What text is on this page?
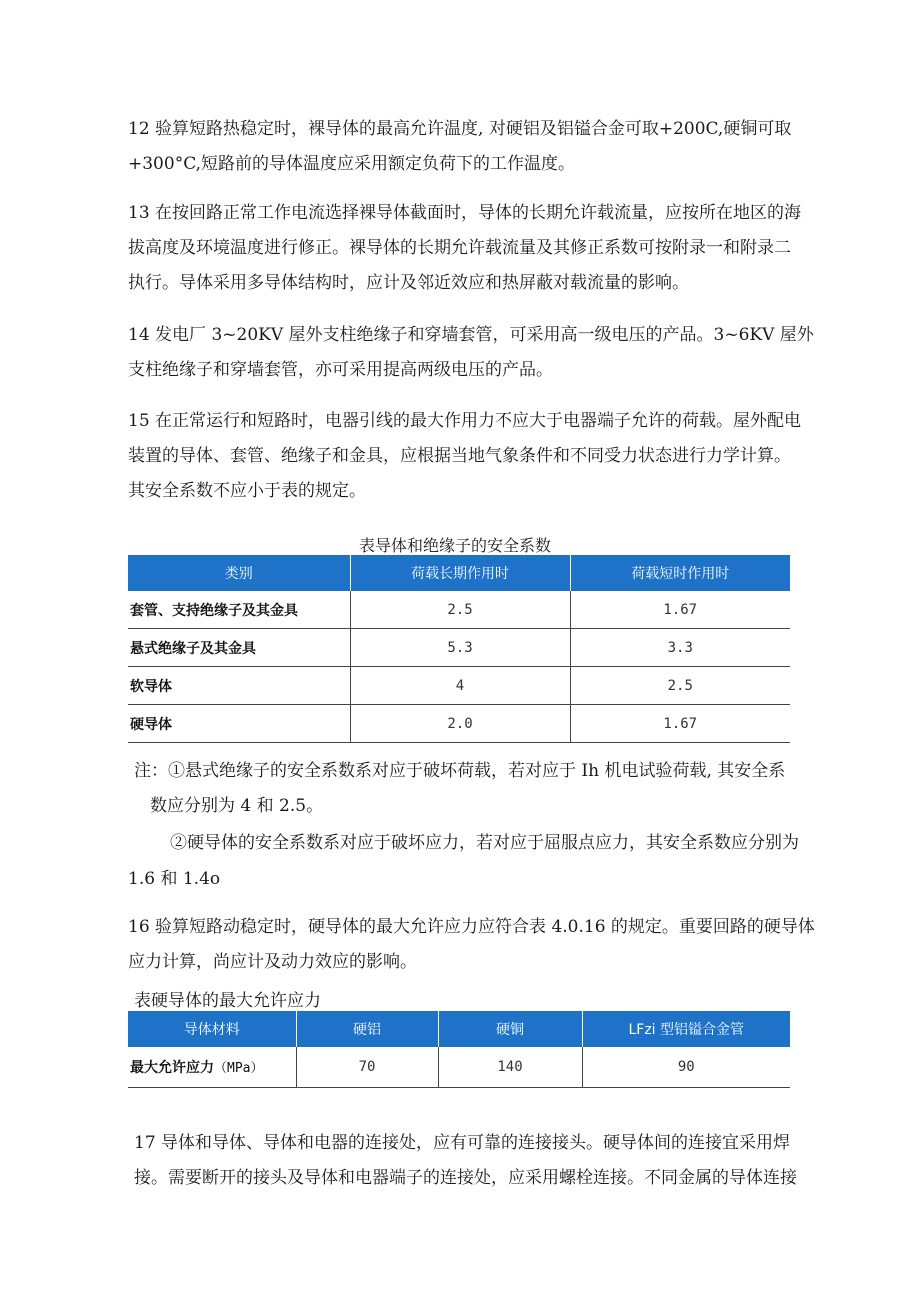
12 验算短路热稳定时，裸导体的最高允许温度, 对硬铝及铝镒合金可取+200C,硬铜可取
+300°C,短路前的导体温度应采用额定负荷下的工作温度。

13 在按回路正常工作电流选择裸导体截面时，导体的长期允许载流量，应按所在地区的海
拔高度及环境温度进行修正。裸导体的长期允许载流量及其修正系数可按附录一和附录二
执行。导体采用多导体结构时，应计及邻近效应和热屏蔽对载流量的影响。

14 发电厂 3~20KV 屋外支柱绝缘子和穿墙套管，可采用高一级电压的产品。3~6KV 屋外
支柱绝缘子和穿墙套管，亦可采用提高两级电压的产品。

15 在正常运行和短路时，电器引线的最大作用力不应大于电器端子允许的荷载。屋外配电
装置的导体、套管、绝缘子和金具，应根据当地气象条件和不同受力状态进行力学计算。
其安全系数不应小于表的规定。

表导体和绝缘子的安全系数
类别	荷载长期作用时	荷载短时作用时
套管、支持绝缘子及其金具	2.5	1.67
悬式绝缘子及其金具	5.3	3.3
软导体	4	2.5
硬导体	2.0	1.67

注：①悬式绝缘子的安全系数系对应于破坏荷载，若对应于 Ih 机电试验荷载, 其安全系

数应分别为 4 和 2.5。

②硬导体的安全系数系对应于破坏应力，若对应于屈服点应力，其安全系数应分别为

1.6 和 1.4o

16 验算短路动稳定时，硬导体的最大允许应力应符合表 4.0.16 的规定。重要回路的硬导体
应力计算，尚应计及动力效应的影响。

表硬导体的最大允许应力
导体材料	硬铝	硬铜	LFzi 型铝镒合金管
最大允许应力（MPa）	70	140	90

17 导体和导体、导体和电器的连接处，应有可靠的连接接头。硬导体间的连接宜采用焊
接。需要断开的接头及导体和电器端子的连接处，应采用螺栓连接。不同金属的导体连接
